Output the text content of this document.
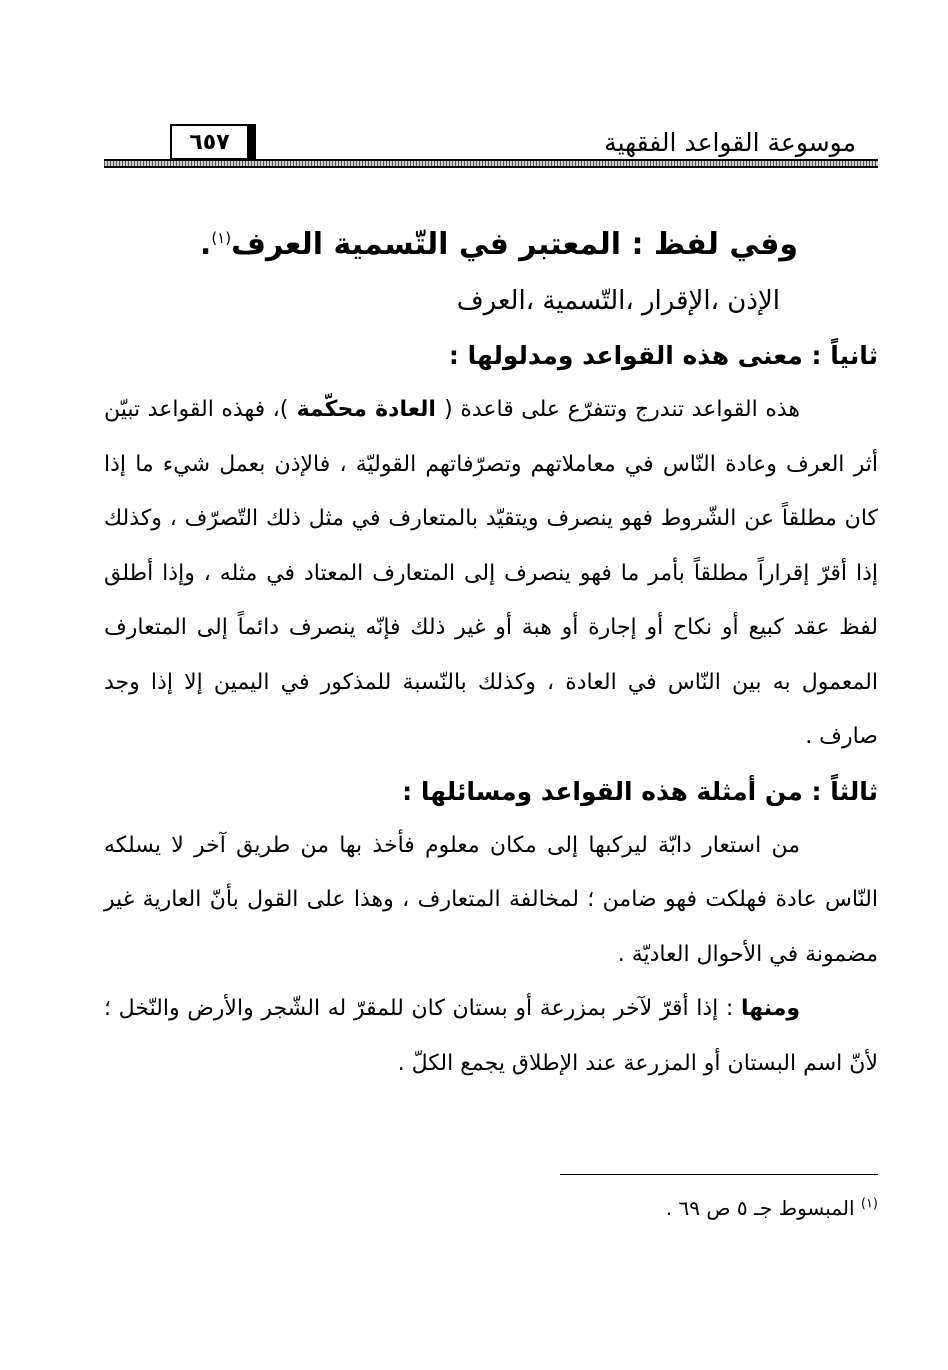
موسوعة القواعد الفقهية
٦٥٧

وفي لفظ : المعتبر في التّسمية العرف$^{(١)}$.

الإذن ،الإقرار ،التّسمية ،العرف

ثانياً : معنى هذه القواعد ومدلولها :

هذه القواعد تندرج وتتفرّع على قاعدة ( العادة محكّمة )، فهذه القواعد تبيّن أثر العرف وعادة النّاس في معاملاتهم وتصرّفاتهم القوليّة ، فالإذن بعمل شيء ما إذا كان مطلقاً عن الشّروط فهو ينصرف ويتقيّد بالمتعارف في مثل ذلك التّصرّف ، وكذلك إذا أقرّ إقراراً مطلقاً بأمر ما فهو ينصرف إلى المتعارف المعتاد في مثله ، وإذا أطلق لفظ عقد كبيع أو نكاح أو إجارة أو هبة أو غير ذلك فإنّه ينصرف دائماً إلى المتعارف المعمول به بين النّاس في العادة ، وكذلك بالنّسبة للمذكور في اليمين إلا إذا وجد صارف .

ثالثاً : من أمثلة هذه القواعد ومسائلها :

من استعار دابّة ليركبها إلى مكان معلوم فأخذ بها من طريق آخر لا يسلكه النّاس عادة فهلكت فهو ضامن ؛ لمخالفة المتعارف ، وهذا على القول بأنّ العارية غير مضمونة في الأحوال العاديّة .

ومنها : إذا أقرّ لآخر بمزرعة أو بستان كان للمقرّ له الشّجر والأرض والنّخل ؛ لأنّ اسم البستان أو المزرعة عند الإطلاق يجمع الكلّ .

$^{(١)}$ المبسوط جـ ٥ ص ٦٩ .
